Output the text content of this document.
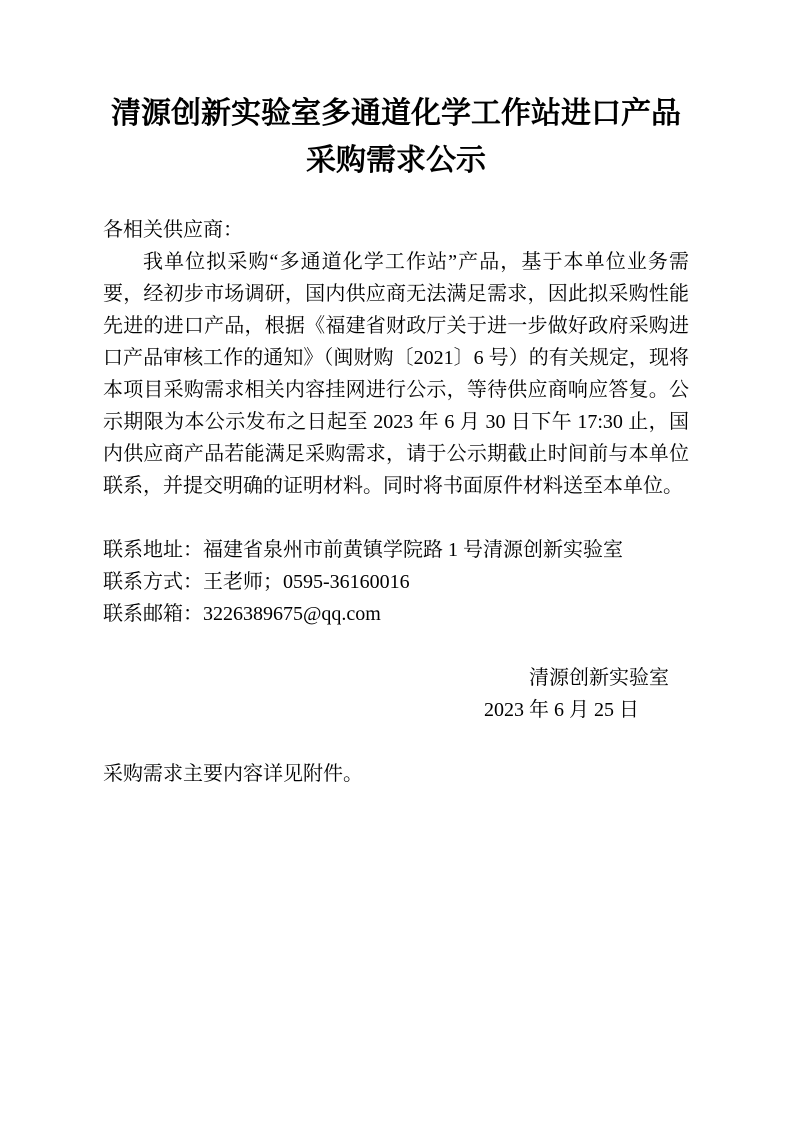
清源创新实验室多通道化学工作站进口产品
采购需求公示

各相关供应商：

我单位拟采购“多通道化学工作站”产品，基于本单位业务需要，经初步市场调研，国内供应商无法满足需求，因此拟采购性能先进的进口产品，根据《福建省财政厅关于进一步做好政府采购进口产品审核工作的通知》（闽财购〔2021〕6 号）的有关规定，现将本项目采购需求相关内容挂网进行公示，等待供应商响应答复。公示期限为本公示发布之日起至 2023 年 6 月 30 日下午 17:30 止，国内供应商产品若能满足采购需求，请于公示期截止时间前与本单位联系，并提交明确的证明材料。同时将书面原件材料送至本单位。

联系地址：福建省泉州市前黄镇学院路 1 号清源创新实验室

联系方式：王老师；0595-36160016

联系邮箱：3226389675@qq.com

清源创新实验室

2023 年 6 月 25 日

采购需求主要内容详见附件。
